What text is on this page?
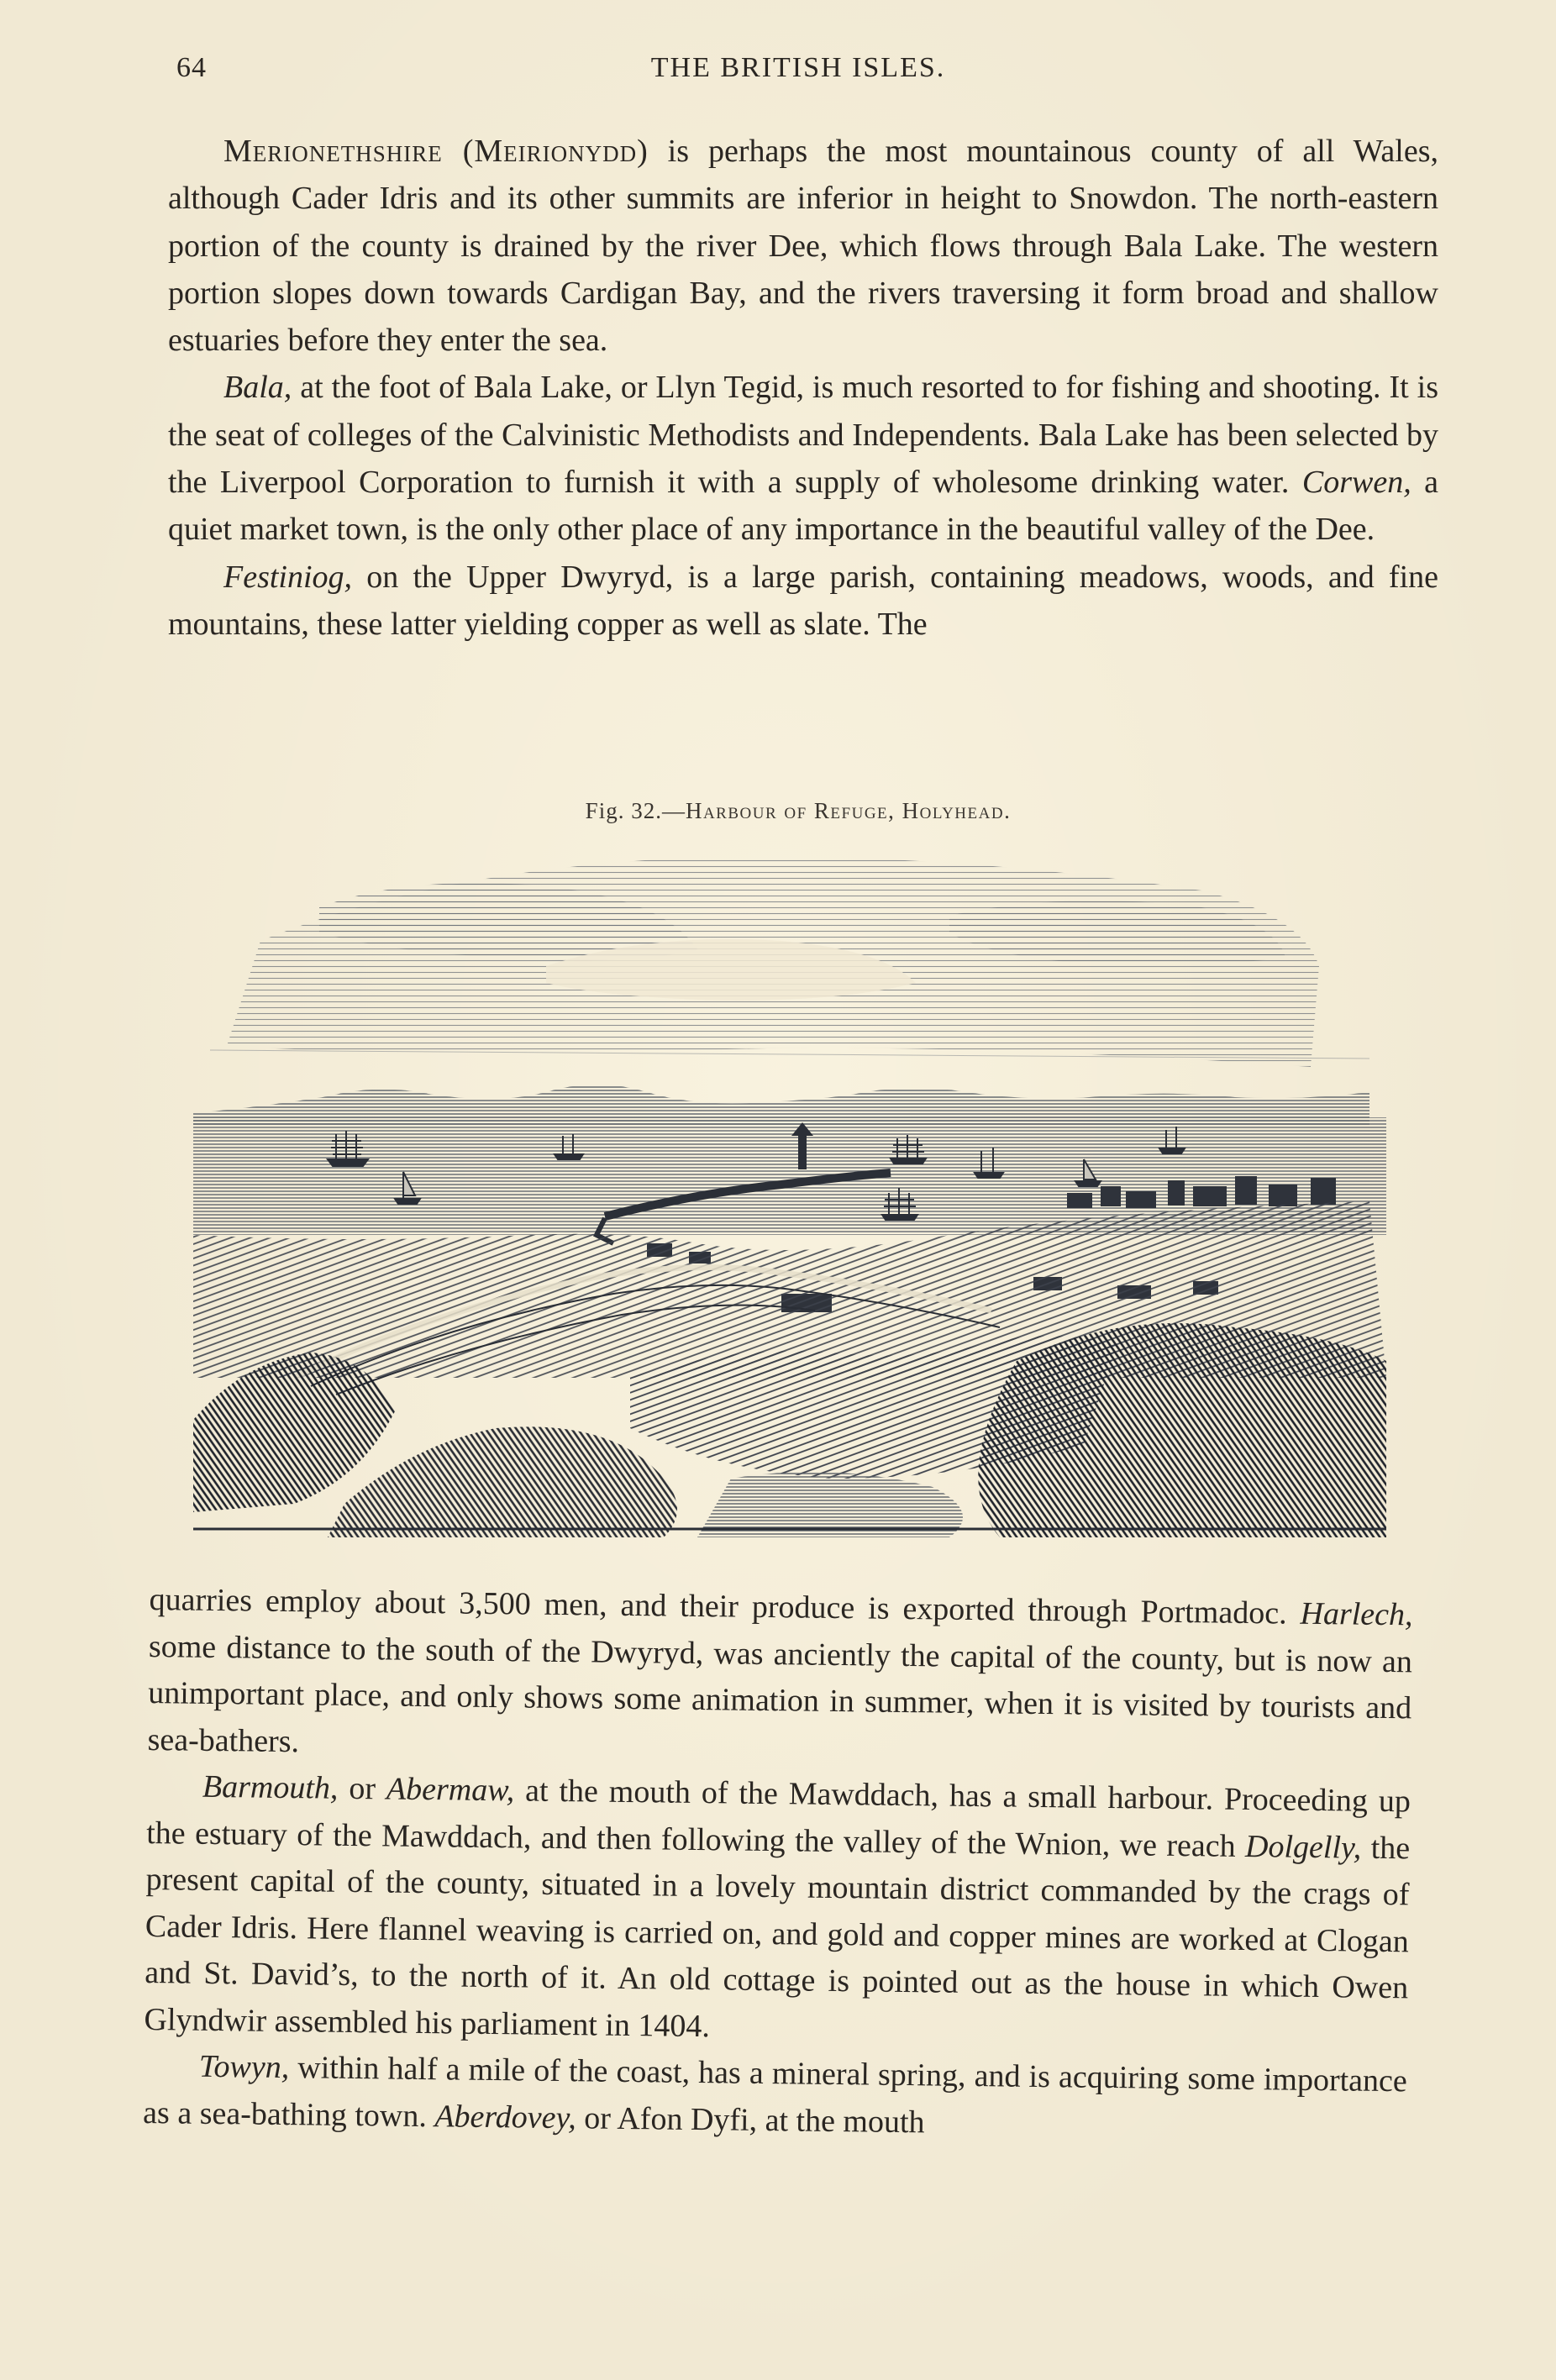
64	THE BRITISH ISLES.

Merionethshire (Meirionydd) is perhaps the most mountainous county of all Wales, although Cader Idris and its other summits are inferior in height to Snowdon. The north-eastern portion of the county is drained by the river Dee, which flows through Bala Lake. The western portion slopes down towards Cardigan Bay, and the rivers traversing it form broad and shallow estuaries before they enter the sea.

Bala, at the foot of Bala Lake, or Llyn Tegid, is much resorted to for fishing and shooting. It is the seat of colleges of the Calvinistic Methodists and Independents. Bala Lake has been selected by the Liverpool Corporation to furnish it with a supply of wholesome drinking water. Corwen, a quiet market town, is the only other place of any importance in the beautiful valley of the Dee.

Festiniog, on the Upper Dwyryd, is a large parish, containing meadows, woods, and fine mountains, these latter yielding copper as well as slate. The

Fig. 32.—Harbour of Refuge, Holyhead.

quarries employ about 3,500 men, and their produce is exported through Portmadoc. Harlech, some distance to the south of the Dwyryd, was anciently the capital of the county, but is now an unimportant place, and only shows some animation in summer, when it is visited by tourists and sea-bathers.

Barmouth, or Abermaw, at the mouth of the Mawddach, has a small harbour. Proceeding up the estuary of the Mawddach, and then following the valley of the Wnion, we reach Dolgelly, the present capital of the county, situated in a lovely mountain district commanded by the crags of Cader Idris. Here flannel weaving is carried on, and gold and copper mines are worked at Clogan and St. David’s, to the north of it. An old cottage is pointed out as the house in which Owen Glyndwir assembled his parliament in 1404.

Towyn, within half a mile of the coast, has a mineral spring, and is acquiring some importance as a sea-bathing town. Aberdovey, or Afon Dyfi, at the mouth
